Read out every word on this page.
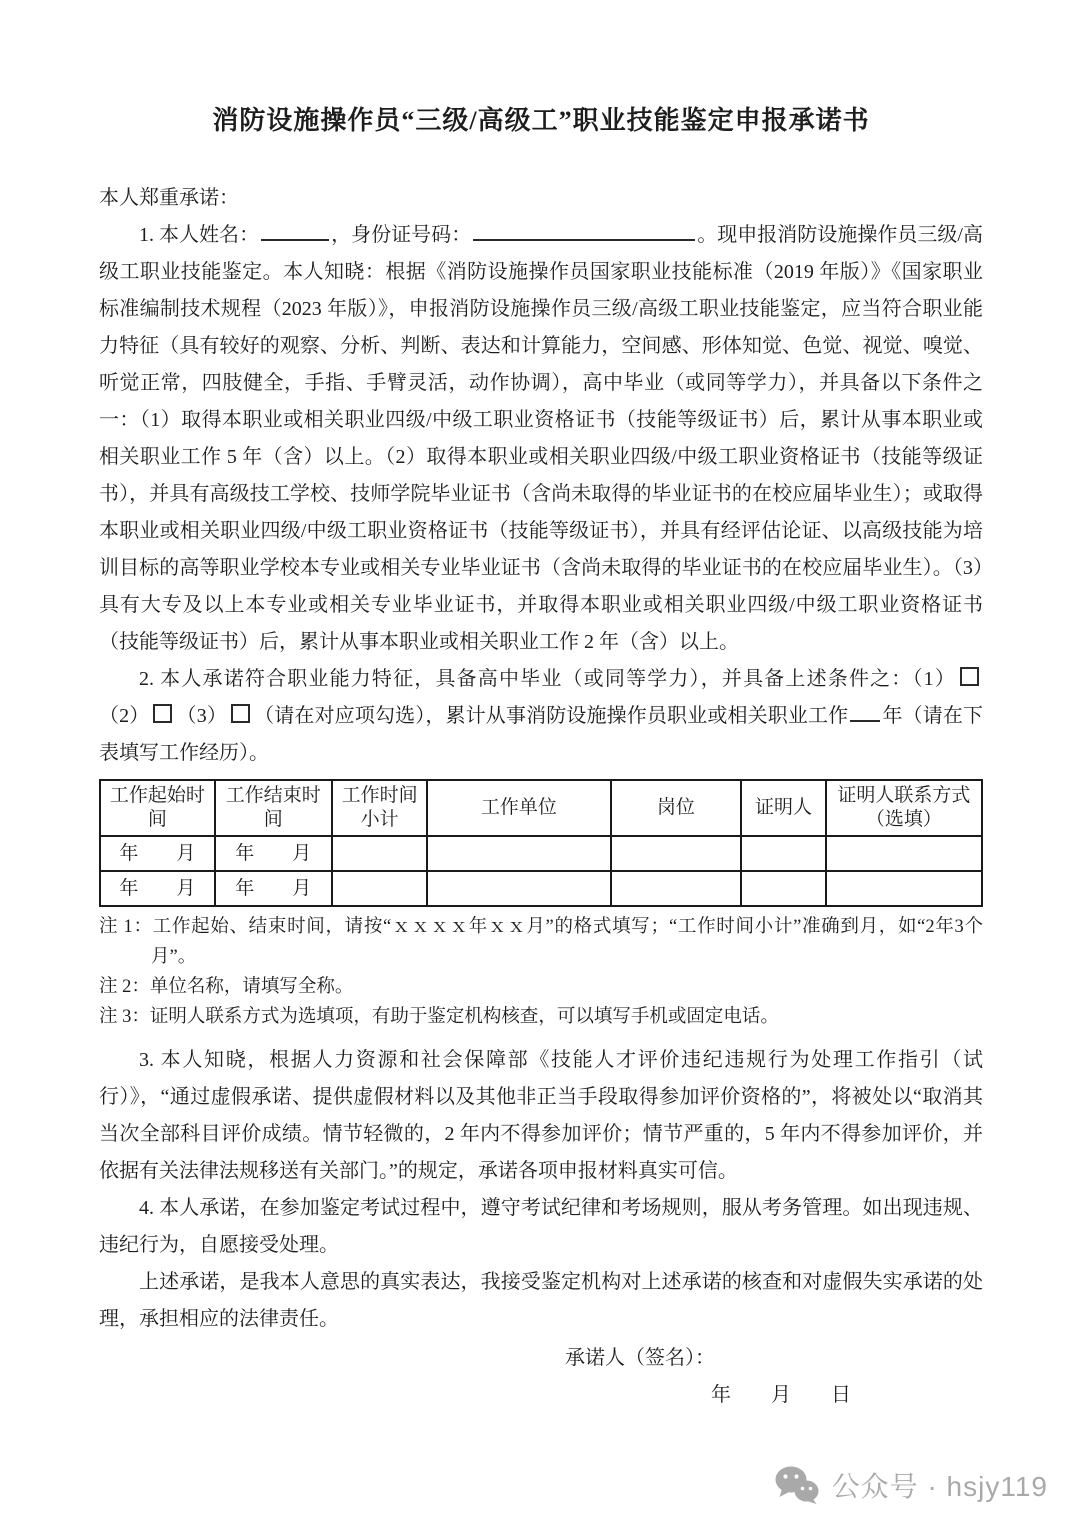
消防设施操作员“三级/高级工”职业技能鉴定申报承诺书

本人郑重承诺：

1. 本人姓名：	，身份证号码：	。现申报消防设施操作员三级/高级工职业技能鉴定。本人知晓：根据《消防设施操作员国家职业技能标准（2019 年版）》《国家职业标准编制技术规程（2023 年版）》，申报消防设施操作员三级/高级工职业技能鉴定，应当符合职业能力特征（具有较好的观察、分析、判断、表达和计算能力，空间感、形体知觉、色觉、视觉、嗅觉、听觉正常，四肢健全，手指、手臂灵活，动作协调），高中毕业（或同等学力），并具备以下条件之一：（1）取得本职业或相关职业四级/中级工职业资格证书（技能等级证书）后，累计从事本职业或相关职业工作 5 年（含）以上。（2）取得本职业或相关职业四级/中级工职业资格证书（技能等级证书），并具有高级技工学校、技师学院毕业证书（含尚未取得的毕业证书的在校应届毕业生）；或取得本职业或相关职业四级/中级工职业资格证书（技能等级证书），并具有经评估论证、以高级技能为培训目标的高等职业学校本专业或相关专业毕业证书（含尚未取得的毕业证书的在校应届毕业生）。（3）具有大专及以上本专业或相关专业毕业证书，并取得本职业或相关职业四级/中级工职业资格证书（技能等级证书）后，累计从事本职业或相关职业工作 2 年（含）以上。

2. 本人承诺符合职业能力特征，具备高中毕业（或同等学力），并具备上述条件之：（1）（2） （3） （请在对应项勾选），累计从事消防设施操作员职业或相关职业工作 年（请在下表填写工作经历）。

工作起始时间	工作结束时间	工作时间小计	工作单位	岗位	证明人	证明人联系方式（选填）
年　　月	年　　月					
年　　月	年　　月					

注 1：工作起始、结束时间，请按“ｘｘｘｘ年ｘｘ月”的格式填写；“工作时间小计”准确到月，如“2年3个月”。

注 2：单位名称，请填写全称。

注 3：证明人联系方式为选填项，有助于鉴定机构核查，可以填写手机或固定电话。

3. 本人知晓，根据人力资源和社会保障部《技能人才评价违纪违规行为处理工作指引（试行）》，“通过虚假承诺、提供虚假材料以及其他非正当手段取得参加评价资格的”，将被处以“取消其当次全部科目评价成绩。情节轻微的，2 年内不得参加评价；情节严重的，5 年内不得参加评价，并依据有关法律法规移送有关部门。”的规定，承诺各项申报材料真实可信。

4. 本人承诺，在参加鉴定考试过程中，遵守考试纪律和考场规则，服从考务管理。如出现违规、违纪行为，自愿接受处理。

上述承诺，是我本人意思的真实表达，我接受鉴定机构对上述承诺的核查和对虚假失实承诺的处理，承担相应的法律责任。

承诺人（签名）：

年　　月　　日

公众号 · hsjy119
